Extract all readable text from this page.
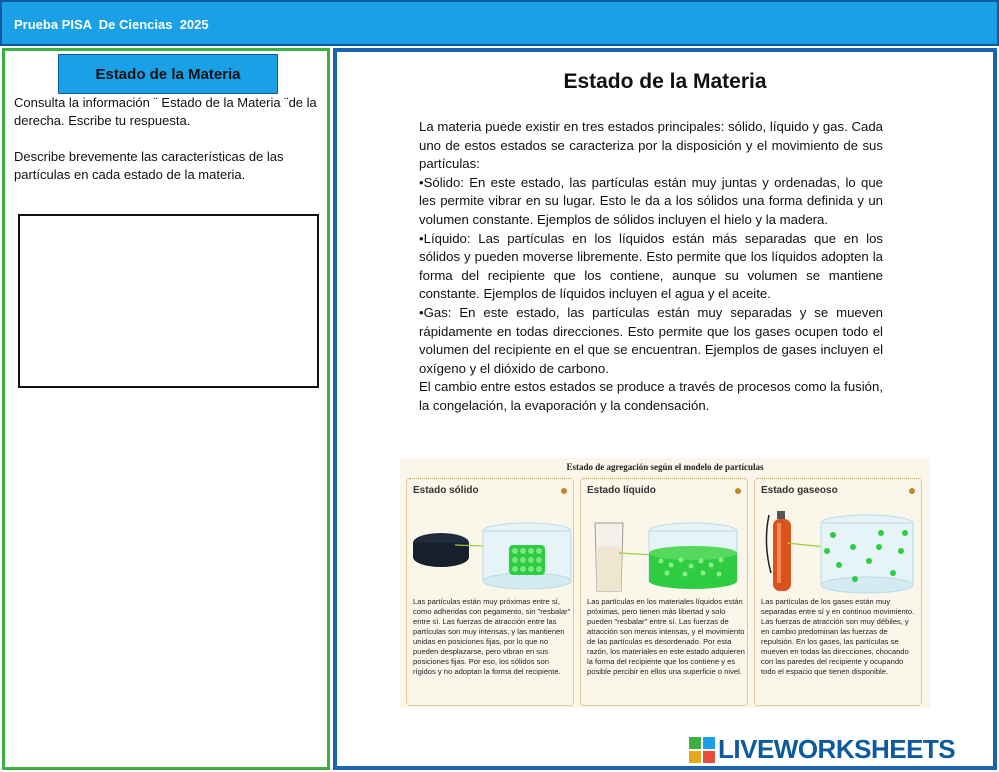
Prueba PISA  De Ciencias  2025
Estado de la Materia

Consulta la información ¨ Estado de la Materia ¨de la derecha. Escribe tu respuesta.

Describe brevemente las características de las partículas en cada estado de la materia.

Estado de la Materia

La materia puede existir en tres estados principales: sólido, líquido y gas. Cada uno de estos estados se caracteriza por la disposición y el movimiento de sus partículas:

•Sólido: En este estado, las partículas están muy juntas y ordenadas, lo que les permite vibrar en su lugar. Esto le da a los sólidos una forma definida y un volumen constante. Ejemplos de sólidos incluyen el hielo y la madera.

•Líquido: Las partículas en los líquidos están más separadas que en los sólidos y pueden moverse libremente. Esto permite que los líquidos adopten la forma del recipiente que los contiene, aunque su volumen se mantiene constante. Ejemplos de líquidos incluyen el agua y el aceite.

•Gas: En este estado, las partículas están muy separadas y se mueven rápidamente en todas direcciones. Esto permite que los gases ocupen todo el volumen del recipiente en el que se encuentran. Ejemplos de gases incluyen el oxígeno y el dióxido de carbono.

El cambio entre estos estados se produce a través de procesos como la fusión, la congelación, la evaporación y la condensación.

Estado de agregación según el modelo de partículas
Estado sólido
Las partículas están muy próximas entre sí, como adheridas con pegamento, sin "resbalar" entre sí. Las fuerzas de atracción entre las partículas son muy intensas, y las mantienen unidas en posiciones fijas, por lo que no pueden desplazarse, pero vibran en sus posiciones fijas. Por eso, los sólidos son rígidos y no adoptan la forma del recipiente.
Estado líquido
Las partículas en los materiales líquidos están próximas, pero tienen más libertad y solo pueden "resbalar" entre sí. Las fuerzas de atracción son menos intensas, y el movimiento de las partículas es desordenado. Por esta razón, los materiales en este estado adquieren la forma del recipiente que los contiene y es posible percibir en ellos una superficie o nivel.
Estado gaseoso
Las partículas de los gases están muy separadas entre sí y en continuo movimiento. Las fuerzas de atracción son muy débiles, y en cambio predominan las fuerzas de repulsión. En los gases, las partículas se mueven en todas las direcciones, chocando con las paredes del recipiente y ocupando todo el espacio que tienen disponible.
LIVEWORKSHEETS
